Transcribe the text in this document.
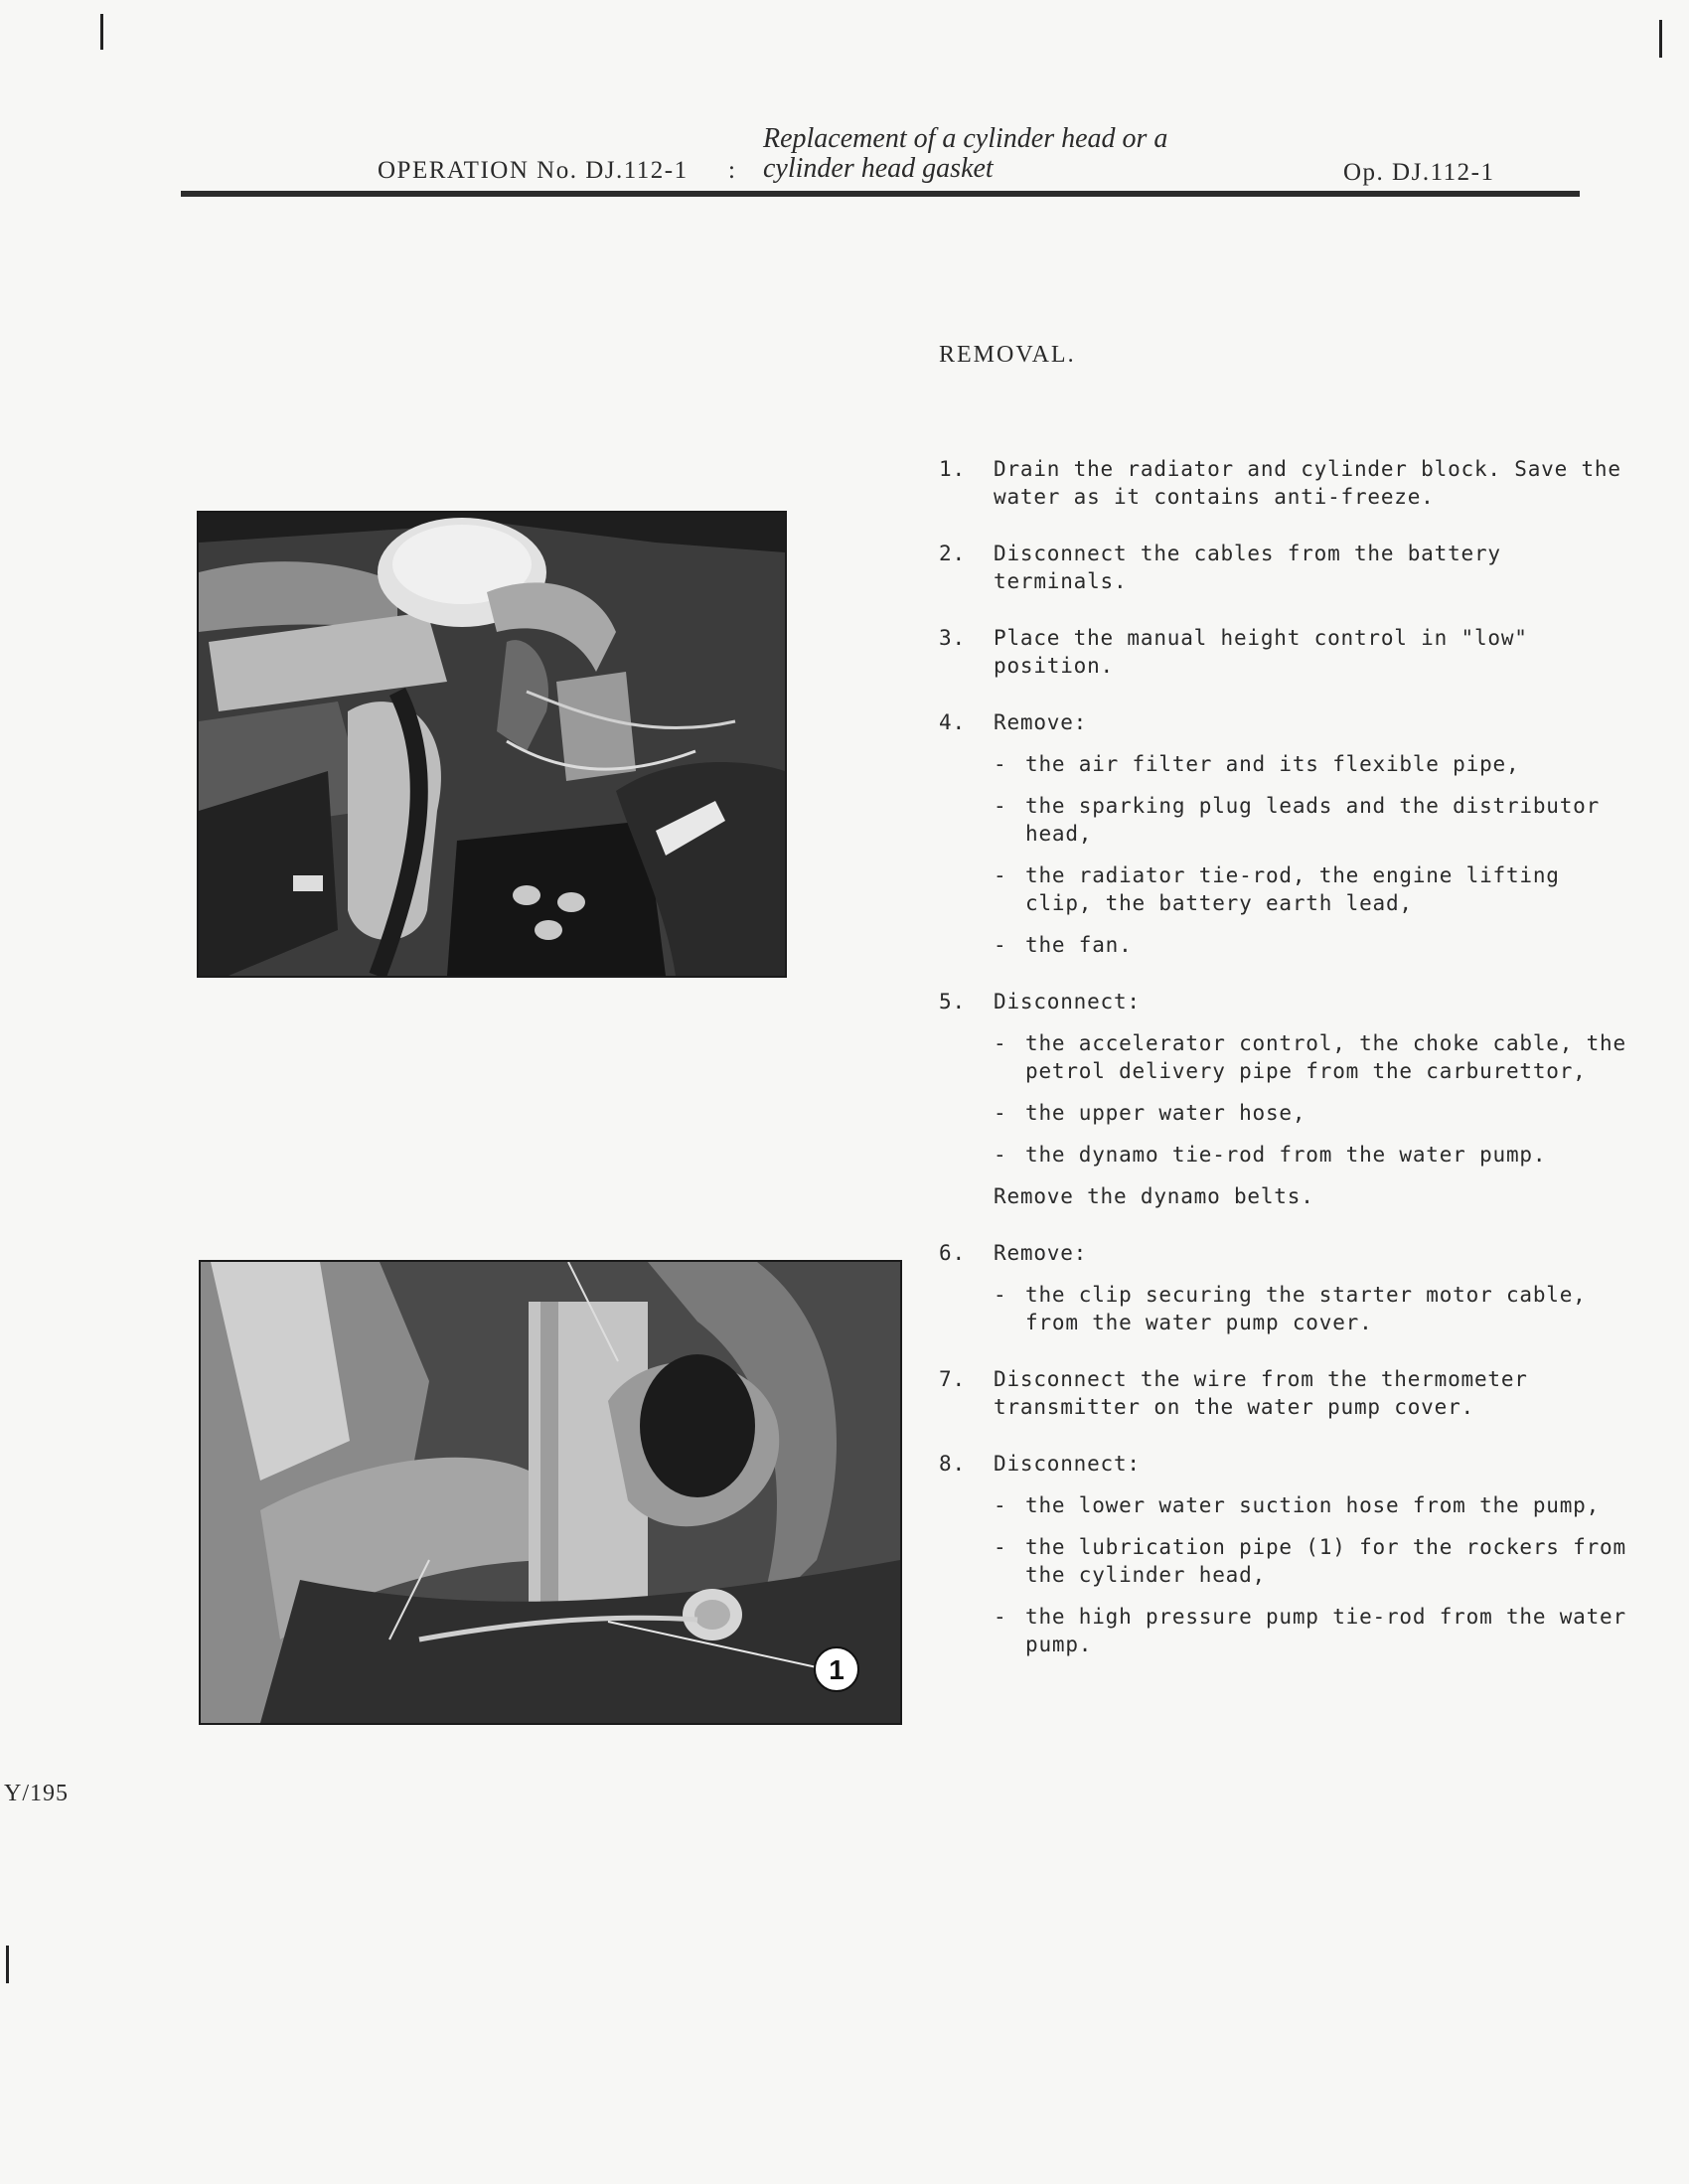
OPERATION No. DJ.112-1 :
Replacement of a cylinder head or a
cylinder head gasket	Op. DJ.112-1
REMOVAL.
1
1. Drain the radiator and cylinder block. Save the water as it contains anti-freeze.
2. Disconnect the cables from the battery terminals.
3. Place the manual height control in "low" position.
4. Remove:
- the air filter and its flexible pipe,
- the sparking plug leads and the distributor head,
- the radiator tie-rod, the engine lifting clip, the battery earth lead,
- the fan.
5. Disconnect:
- the accelerator control, the choke cable, the petrol delivery pipe from the carburettor,
- the upper water hose,
- the dynamo tie-rod from the water pump.
Remove the dynamo belts.
6. Remove:
- the clip securing the starter motor cable, from the water pump cover.
7. Disconnect the wire from the thermometer transmitter on the water pump cover.
8. Disconnect:
- the lower water suction hose from the pump,
- the lubrication pipe (1) for the rockers from the cylinder head,
- the high pressure pump tie-rod from the water pump.
Y/195
